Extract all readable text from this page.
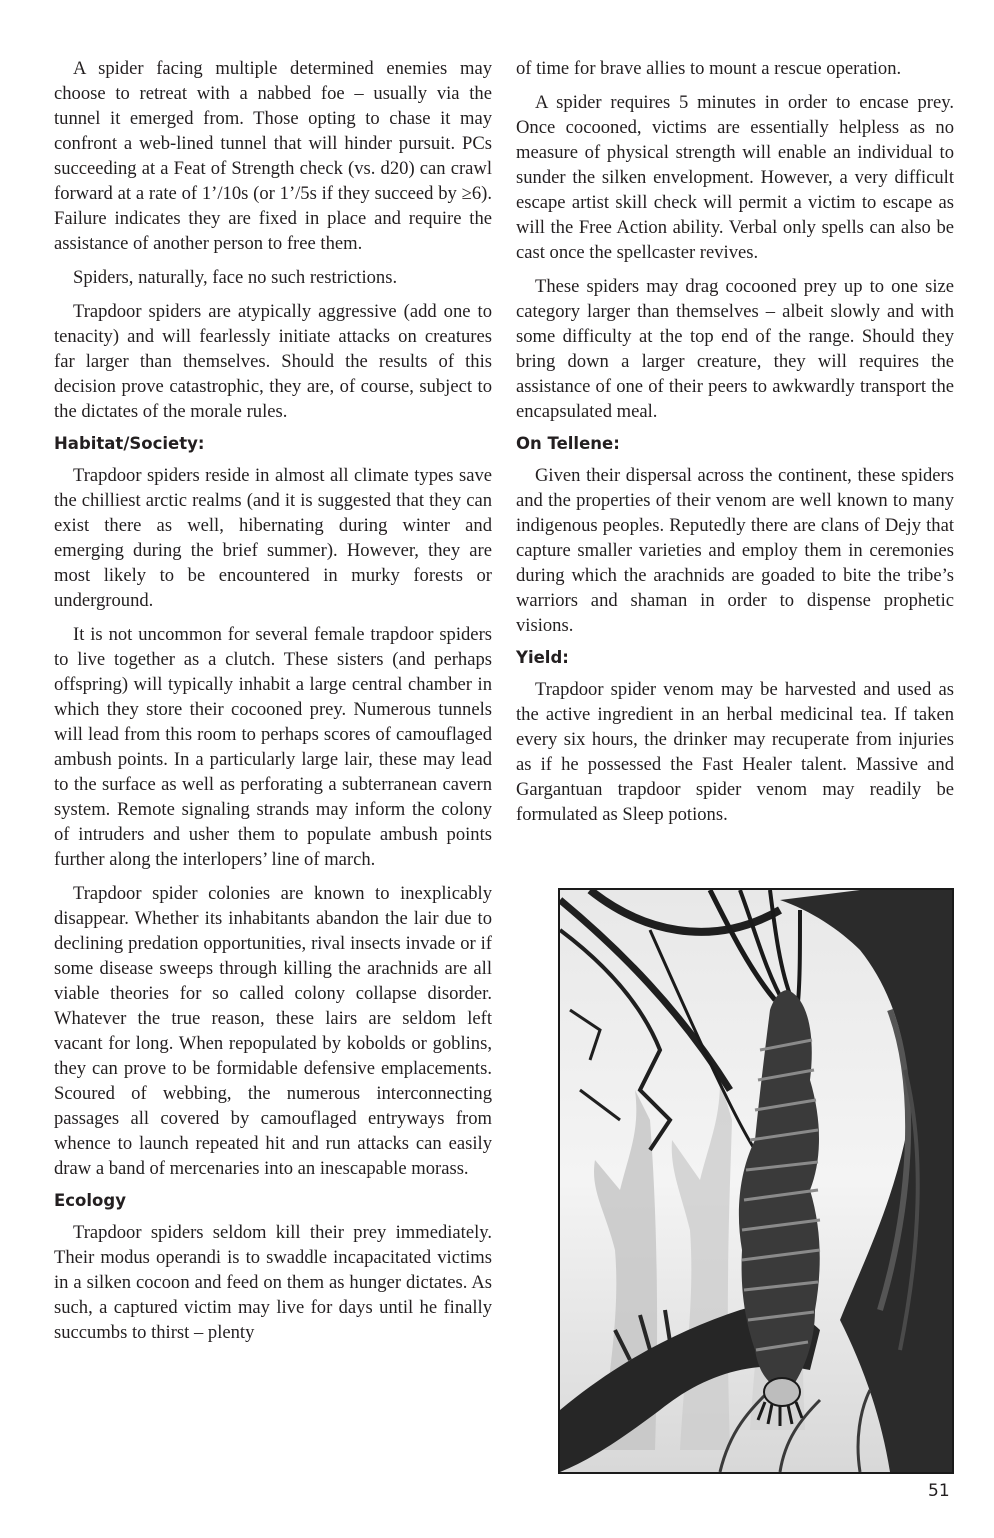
A spider facing multiple determined enemies may choose to retreat with a nabbed foe – usually via the tunnel it emerged from. Those opting to chase it may confront a web-lined tunnel that will hinder pursuit. PCs succeeding at a Feat of Strength check (vs. d20) can crawl forward at a rate of 1’/10s (or 1’/5s if they succeed by ≥6). Failure indicates they are fixed in place and require the assistance of another person to free them.

Spiders, naturally, face no such restrictions.

Trapdoor spiders are atypically aggressive (add one to tenacity) and will fearlessly initiate attacks on creatures far larger than themselves. Should the results of this decision prove catastrophic, they are, of course, subject to the dictates of the morale rules.

Habitat/Society:

Trapdoor spiders reside in almost all climate types save the chilliest arctic realms (and it is suggested that they can exist there as well, hibernating during winter and emerging during the brief summer). However, they are most likely to be encountered in murky forests or underground.

It is not uncommon for several female trapdoor spiders to live together as a clutch. These sisters (and perhaps offspring) will typically inhabit a large central chamber in which they store their cocooned prey. Numerous tunnels will lead from this room to perhaps scores of camouflaged ambush points. In a particularly large lair, these may lead to the surface as well as perforating a subterranean cavern system. Remote signaling strands may inform the colony of intruders and usher them to populate ambush points further along the interlopers’ line of march.

Trapdoor spider colonies are known to inexplicably disappear. Whether its inhabitants abandon the lair due to declining predation opportunities, rival insects invade or if some disease sweeps through killing the arachnids are all viable theories for so called colony collapse disorder. Whatever the true reason, these lairs are seldom left vacant for long. When repopulated by kobolds or goblins, they can prove to be formidable defensive emplacements. Scoured of webbing, the numerous interconnecting passages all covered by camouflaged entryways from whence to launch repeated hit and run attacks can easily draw a band of mercenaries into an inescapable morass.

Ecology

Trapdoor spiders seldom kill their prey immediately. Their modus operandi is to swaddle incapacitated victims in a silken cocoon and feed on them as hunger dictates. As such, a captured victim may live for days until he finally succumbs to thirst – plenty

of time for brave allies to mount a rescue operation.

A spider requires 5 minutes in order to encase prey. Once cocooned, victims are essentially helpless as no measure of physical strength will enable an individual to sunder the silken envelopment. However, a very difficult escape artist skill check will permit a victim to escape as will the Free Action ability. Verbal only spells can also be cast once the spellcaster revives.

These spiders may drag cocooned prey up to one size category larger than themselves – albeit slowly and with some difficulty at the top end of the range. Should they bring down a larger creature, they will requires the assistance of one of their peers to awkwardly transport the encapsulated meal.

On Tellene:

Given their dispersal across the continent, these spiders and the properties of their venom are well known to many indigenous peoples. Reputedly there are clans of Dejy that capture smaller varieties and employ them in ceremonies during which the arachnids are goaded to bite the tribe’s warriors and shaman in order to dispense prophetic visions.

Yield:

Trapdoor spider venom may be harvested and used as the active ingredient in an herbal medicinal tea. If taken every six hours, the drinker may recuperate from injuries as if he possessed the Fast Healer talent. Massive and Gargantuan trapdoor spider venom may readily be formulated as Sleep potions.

51
